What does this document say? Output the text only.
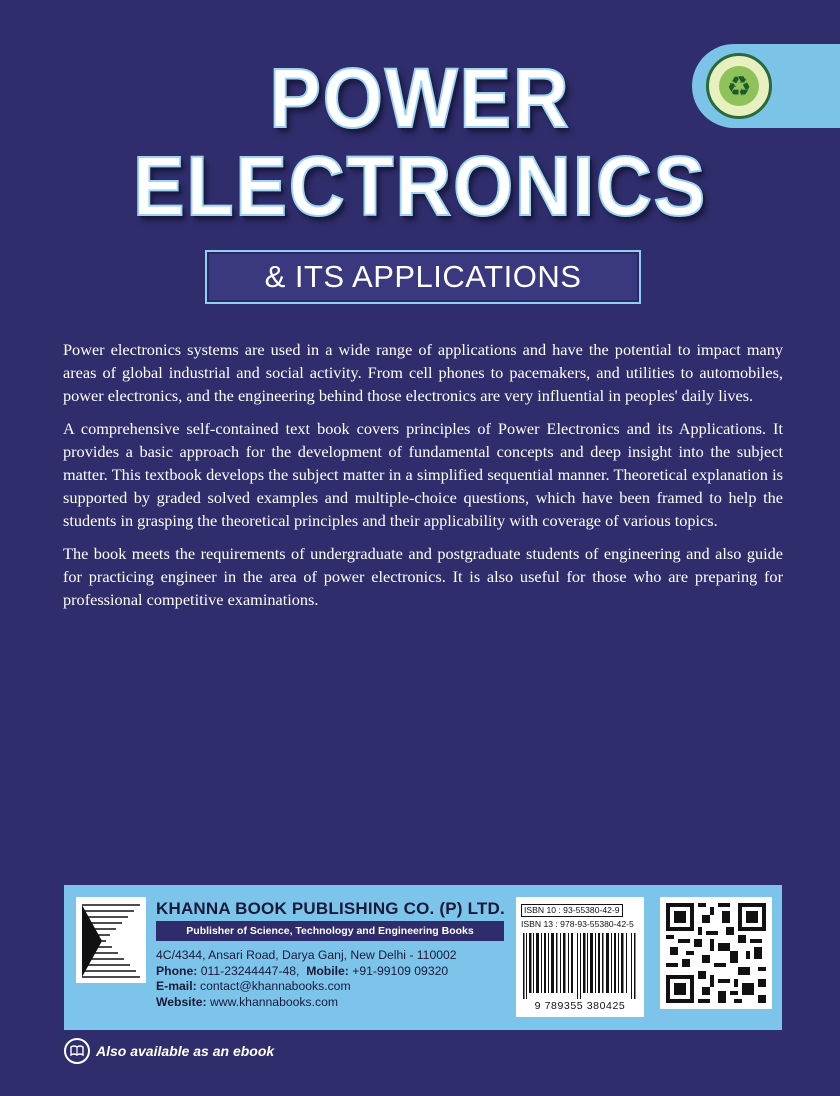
♻
POWER
ELECTRONICS
& ITS APPLICATIONS

Power electronics systems are used in a wide range of applications and have the potential to impact many areas of global industrial and social activity. From cell phones to pacemakers, and utilities to automobiles, power electronics, and the engineering behind those electronics are very influential in peoples' daily lives.

A comprehensive self-contained text book covers principles of Power Electronics and its Applications. It provides a basic approach for the development of fundamental concepts and deep insight into the subject matter. This textbook develops the subject matter in a simplified sequential manner. Theoretical explanation is supported by graded solved examples and multiple-choice questions, which have been framed to help the students in grasping the theoretical principles and their applicability with coverage of various topics.

The book meets the requirements of undergraduate and postgraduate students of engineering and also guide for practicing engineer in the area of power electronics. It is also useful for those who are preparing for professional competitive examinations.

KHANNA BOOK PUBLISHING CO. (P) LTD.
Publisher of Science, Technology and Engineering Books
4C/4344, Ansari Road, Darya Ganj, New Delhi - 110002
Phone: 011-23244447-48, Mobile: +91-99109 09320
E-mail: contact@khannabooks.com
Website: www.khannabooks.com
ISBN 10 : 93-55380-42-9
ISBN 13 : 978-93-55380-42-5
9 789355 380425
Also available as an ebook
